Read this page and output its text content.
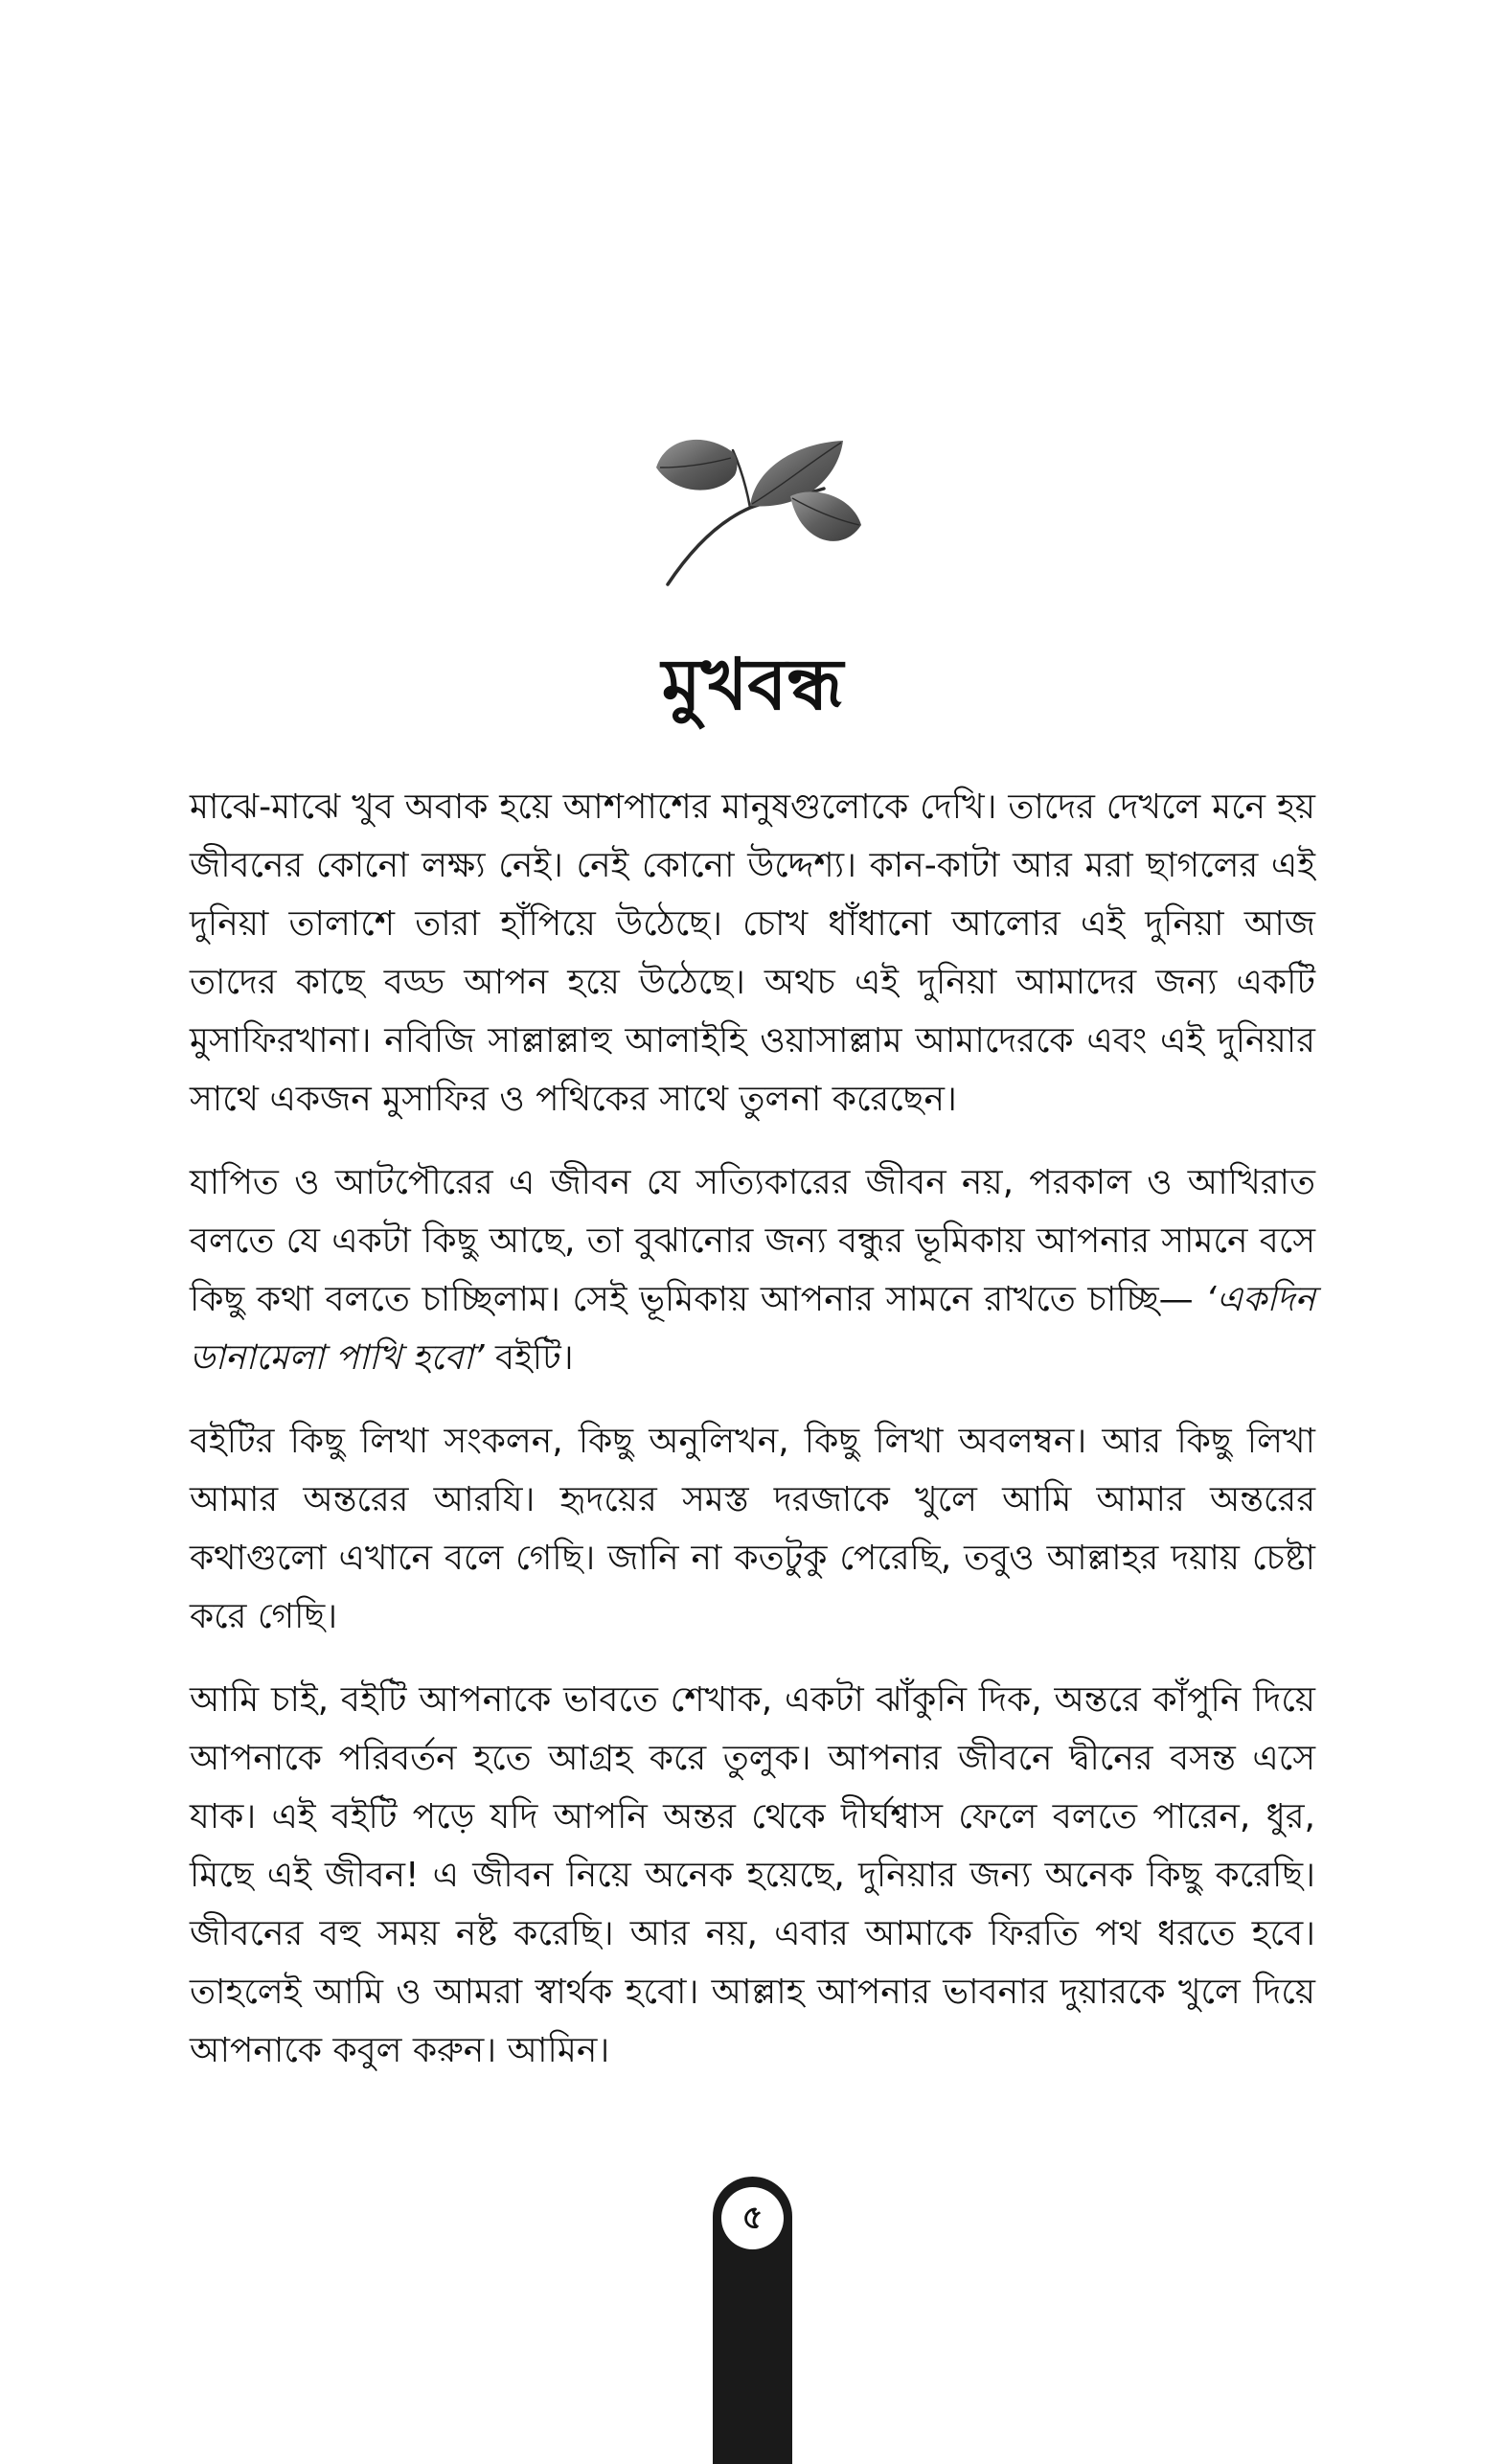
মুখবন্ধ

মাঝে-মাঝে খুব অবাক হয়ে আশপাশের মানুষগুলোকে দেখি। তাদের দেখলে মনে হয় জীবনের কোনো লক্ষ্য নেই। নেই কোনো উদ্দেশ্য। কান-কাটা আর মরা ছাগলের এই দুনিয়া তালাশে তারা হাঁপিয়ে উঠেছে। চোখ ধাঁধানো আলোর এই দুনিয়া আজ তাদের কাছে বড্ড আপন হয়ে উঠেছে। অথচ এই দুনিয়া আমাদের জন্য একটি মুসাফিরখানা। নবিজি সাল্লাল্লাহু আলাইহি ওয়াসাল্লাম আমাদেরকে এবং এই দুনিয়ার সাথে একজন মুসাফির ও পথিকের সাথে তুলনা করেছেন।

যাপিত ও আটপৌরের এ জীবন যে সত্যিকারের জীবন নয়, পরকাল ও আখিরাত বলতে যে একটা কিছু আছে, তা বুঝানোর জন্য বন্ধুর ভূমিকায় আপনার সামনে বসে কিছু কথা বলতে চাচ্ছিলাম। সেই ভূমিকায় আপনার সামনে রাখতে চাচ্ছি— ‘একদিন ডানামেলা পাখি হবো’ বইটি।

বইটির কিছু লিখা সংকলন, কিছু অনুলিখন, কিছু লিখা অবলম্বন। আর কিছু লিখা আমার অন্তরের আরযি। হৃদয়ের সমস্ত দরজাকে খুলে আমি আমার অন্তরের কথাগুলো এখানে বলে গেছি। জানি না কতটুকু পেরেছি, তবুও আল্লাহর দয়ায় চেষ্টা করে গেছি।

আমি চাই, বইটি আপনাকে ভাবতে শেখাক, একটা ঝাঁকুনি দিক, অন্তরে কাঁপুনি দিয়ে আপনাকে পরিবর্তন হতে আগ্রহ করে তুলুক। আপনার জীবনে দ্বীনের বসন্ত এসে যাক। এই বইটি পড়ে যদি আপনি অন্তর থেকে দীর্ঘশ্বাস ফেলে বলতে পারেন, ধুর, মিছে এই জীবন! এ জীবন নিয়ে অনেক হয়েছে, দুনিয়ার জন্য অনেক কিছু করেছি। জীবনের বহু সময় নষ্ট করেছি। আর নয়, এবার আমাকে ফিরতি পথ ধরতে হবে। তাহলেই আমি ও আমরা স্বার্থক হবো। আল্লাহ আপনার ভাবনার দুয়ারকে খুলে দিয়ে আপনাকে কবুল করুন। আমিন।

৫
